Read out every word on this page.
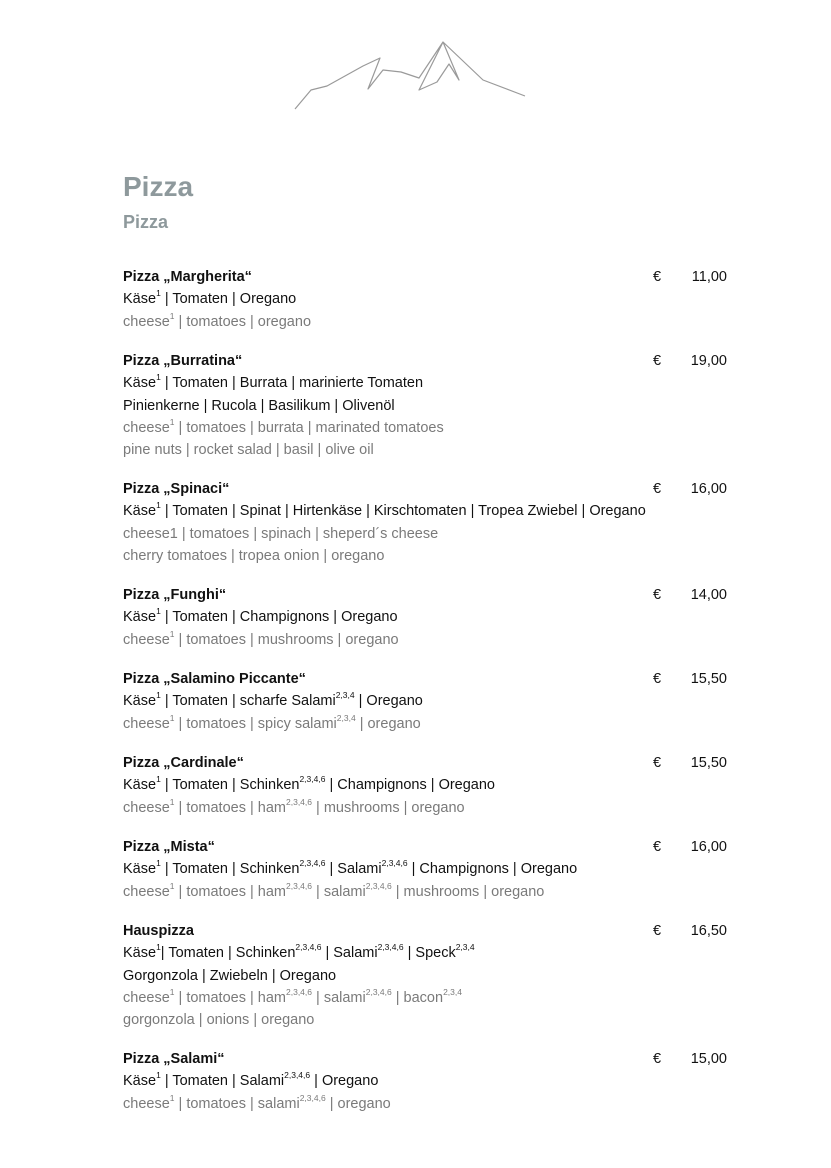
Pizza
Pizza
Pizza „Margherita“	€ 11,00
Käse$^1$ | Tomaten | Oregano
cheese$^1$ | tomatoes | oregano
Pizza „Burratina“	€ 19,00
Käse$^1$ | Tomaten | Burrata | marinierte Tomaten
Pinienkerne | Rucola | Basilikum | Olivenöl
cheese$^1$ | tomatoes | burrata | marinated tomatoes
pine nuts | rocket salad | basil | olive oil
Pizza „Spinaci“	€ 16,00
Käse$^1$ | Tomaten | Spinat | Hirtenkäse | Kirschtomaten | Tropea Zwiebel | Oregano
cheese1 | tomatoes | spinach | sheperd´s cheese
cherry tomatoes | tropea onion | oregano
Pizza „Funghi“	€ 14,00
Käse$^1$ | Tomaten | Champignons | Oregano
cheese$^1$ | tomatoes | mushrooms | oregano
Pizza „Salamino Piccante“	€ 15,50
Käse$^1$ | Tomaten | scharfe Salami$^{2,3,4}$ | Oregano
cheese$^1$ | tomatoes | spicy salami$^{2,3,4}$ | oregano
Pizza „Cardinale“	€ 15,50
Käse$^1$ | Tomaten | Schinken$^{2,3,4,6}$ | Champignons | Oregano
cheese$^1$ | tomatoes | ham$^{2,3,4,6}$ | mushrooms | oregano
Pizza „Mista“	€ 16,00
Käse$^1$ | Tomaten | Schinken$^{2,3,4,6}$ | Salami$^{2,3,4,6}$ | Champignons | Oregano
cheese$^1$ | tomatoes | ham$^{2,3,4,6}$ | salami$^{2,3,4,6}$ | mushrooms | oregano
Hauspizza	€ 16,50
Käse$^1$| Tomaten | Schinken$^{2,3,4,6}$ | Salami$^{2,3,4,6}$ | Speck$^{2,3,4}$
Gorgonzola | Zwiebeln | Oregano
cheese$^1$ | tomatoes | ham$^{2,3,4,6}$ | salami$^{2,3,4,6}$ | bacon$^{2,3,4}$
gorgonzola | onions | oregano
Pizza „Salami“	€ 15,00
Käse$^1$ | Tomaten | Salami$^{2,3,4,6}$ | Oregano
cheese$^1$ | tomatoes | salami$^{2,3,4,6}$ | oregano
